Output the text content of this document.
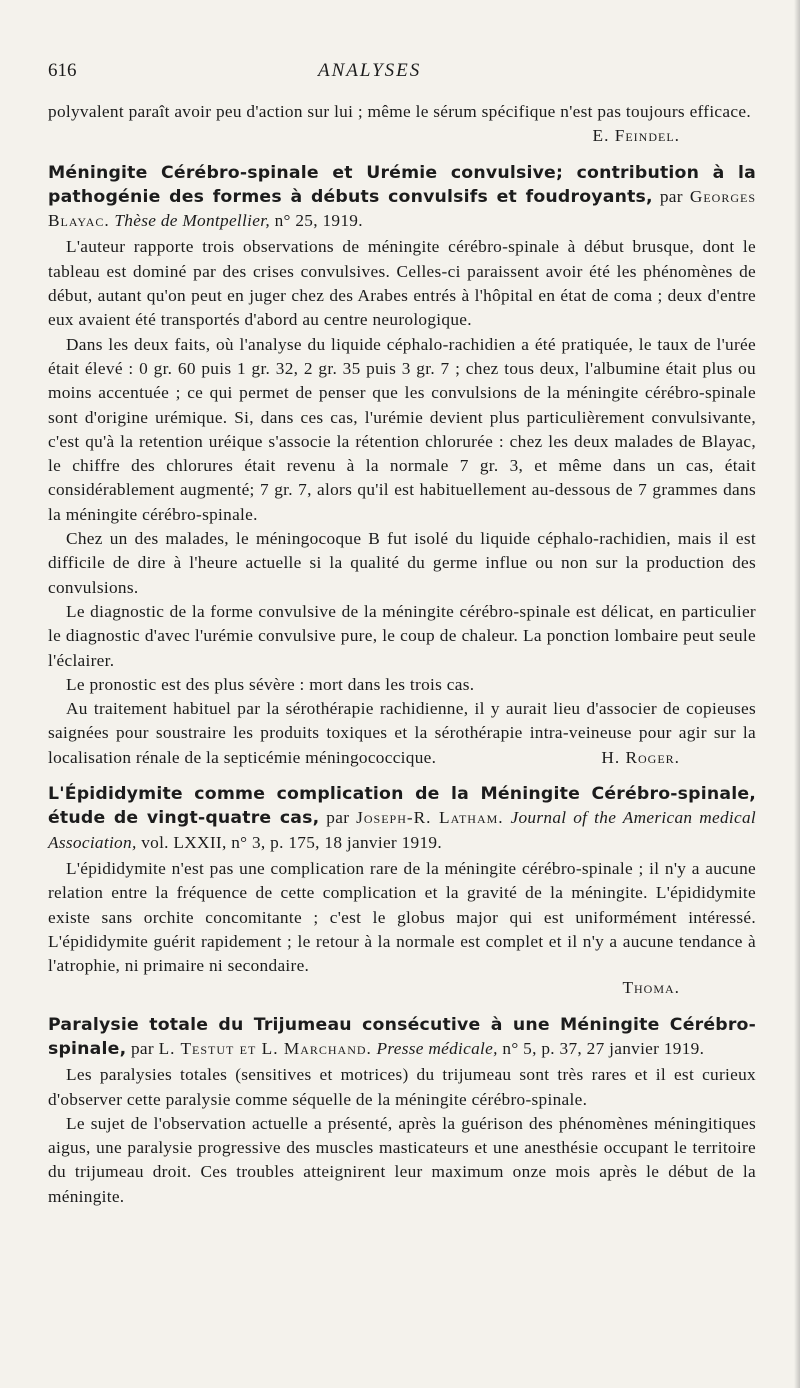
616	ANALYSES

polyvalent paraît avoir peu d'action sur lui ; même le sérum spécifique n'est pas toujours efficace.

E. Feindel.

Méningite Cérébro-spinale et Urémie convulsive; contribution à la pathogénie des formes à débuts convulsifs et foudroyants, par Georges Blayac. Thèse de Montpellier, n° 25, 1919.

L'auteur rapporte trois observations de méningite cérébro-spinale à début brusque, dont le tableau est dominé par des crises convulsives. Celles-ci paraissent avoir été les phénomènes de début, autant qu'on peut en juger chez des Arabes entrés à l'hôpital en état de coma ; deux d'entre eux avaient été transportés d'abord au centre neurologique.

Dans les deux faits, où l'analyse du liquide céphalo-rachidien a été pratiquée, le taux de l'urée était élevé : 0 gr. 60 puis 1 gr. 32, 2 gr. 35 puis 3 gr. 7 ; chez tous deux, l'albumine était plus ou moins accentuée ; ce qui permet de penser que les convulsions de la méningite cérébro-spinale sont d'origine urémique. Si, dans ces cas, l'urémie devient plus particulièrement convulsivante, c'est qu'à la retention uréique s'associe la rétention chlorurée : chez les deux malades de Blayac, le chiffre des chlorures était revenu à la normale 7 gr. 3, et même dans un cas, était considérablement augmenté; 7 gr. 7, alors qu'il est habituellement au-dessous de 7 grammes dans la méningite cérébro-spinale.

Chez un des malades, le méningocoque B fut isolé du liquide céphalo-rachidien, mais il est difficile de dire à l'heure actuelle si la qualité du germe influe ou non sur la production des convulsions.

Le diagnostic de la forme convulsive de la méningite cérébro-spinale est délicat, en particulier le diagnostic d'avec l'urémie convulsive pure, le coup de chaleur. La ponction lombaire peut seule l'éclairer.

Le pronostic est des plus sévère : mort dans les trois cas.

Au traitement habituel par la sérothérapie rachidienne, il y aurait lieu d'associer de copieuses saignées pour soustraire les produits toxiques et la sérothérapie intra-veineuse pour agir sur la localisation rénale de la septicémie méningococcique.	H. Roger.

L'Épididymite comme complication de la Méningite Cérébro-spinale, étude de vingt-quatre cas, par Joseph-R. Latham. Journal of the American medical Association, vol. LXXII, n° 3, p. 175, 18 janvier 1919.

L'épididymite n'est pas une complication rare de la méningite cérébro-spinale ; il n'y a aucune relation entre la fréquence de cette complication et la gravité de la méningite. L'épididymite existe sans orchite concomitante ; c'est le globus major qui est uniformément intéressé. L'épididymite guérit rapidement ; le retour à la normale est complet et il n'y a aucune tendance à l'atrophie, ni primaire ni secondaire.

Thoma.

Paralysie totale du Trijumeau consécutive à une Méningite Cérébro-spinale, par L. Testut et L. Marchand. Presse médicale, n° 5, p. 37, 27 janvier 1919.

Les paralysies totales (sensitives et motrices) du trijumeau sont très rares et il est curieux d'observer cette paralysie comme séquelle de la méningite cérébro-spinale.

Le sujet de l'observation actuelle a présenté, après la guérison des phénomènes méningitiques aigus, une paralysie progressive des muscles masticateurs et une anesthésie occupant le territoire du trijumeau droit. Ces troubles atteignirent leur maximum onze mois après le début de la méningite.
